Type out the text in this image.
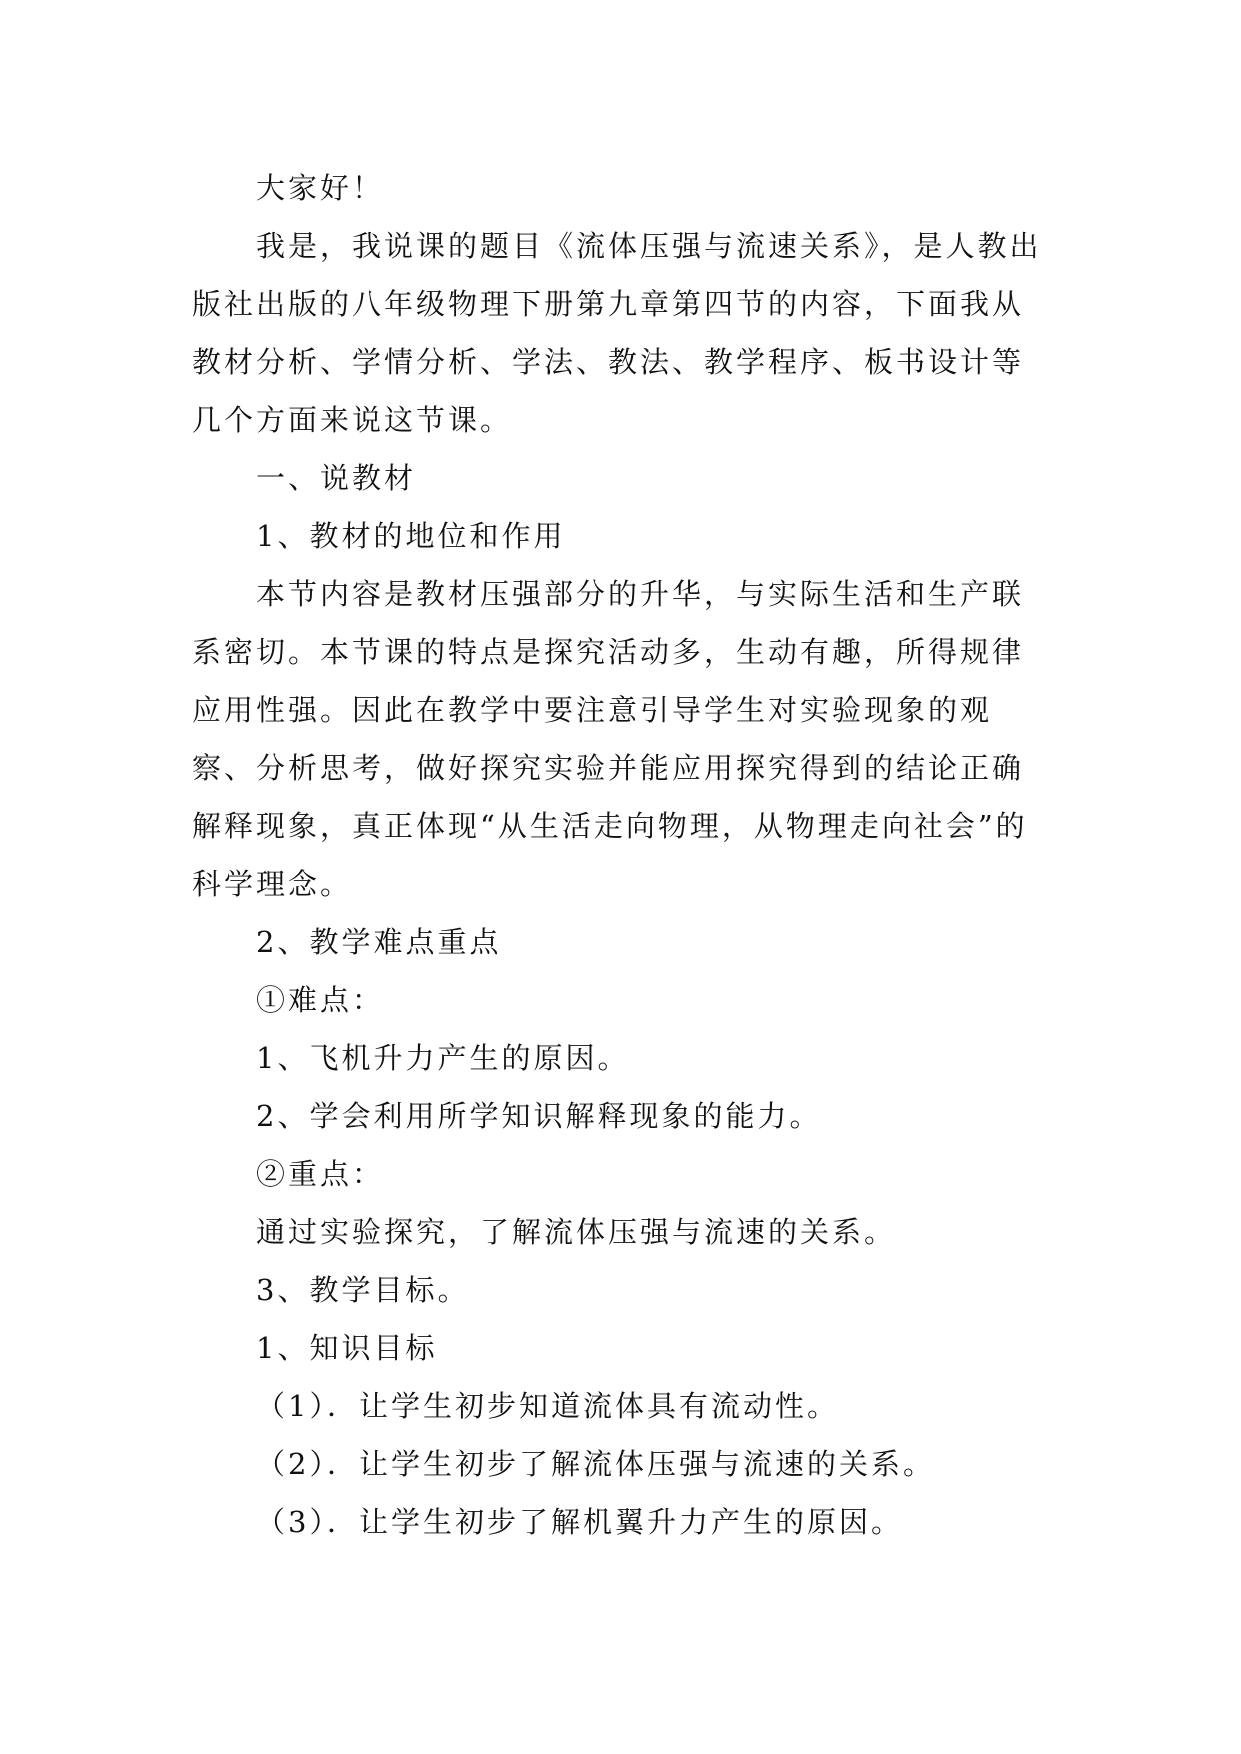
大家好！

我是，我说课的题目《流体压强与流速关系》，是人教出版社出版的八年级物理下册第九章第四节的内容，下面我从教材分析、学情分析、学法、教法、教学程序、板书设计等几个方面来说这节课。

一、说教材

1、教材的地位和作用

本节内容是教材压强部分的升华，与实际生活和生产联系密切。本节课的特点是探究活动多，生动有趣，所得规律应用性强。因此在教学中要注意引导学生对实验现象的观察、分析思考，做好探究实验并能应用探究得到的结论正确解释现象，真正体现“从生活走向物理，从物理走向社会”的科学理念。

2、教学难点重点

①难点：

1、飞机升力产生的原因。

2、学会利用所学知识解释现象的能力。

②重点：

通过实验探究，了解流体压强与流速的关系。

3、教学目标。

1、知识目标

（1）．让学生初步知道流体具有流动性。

（2）．让学生初步了解流体压强与流速的关系。

（3）．让学生初步了解机翼升力产生的原因。
